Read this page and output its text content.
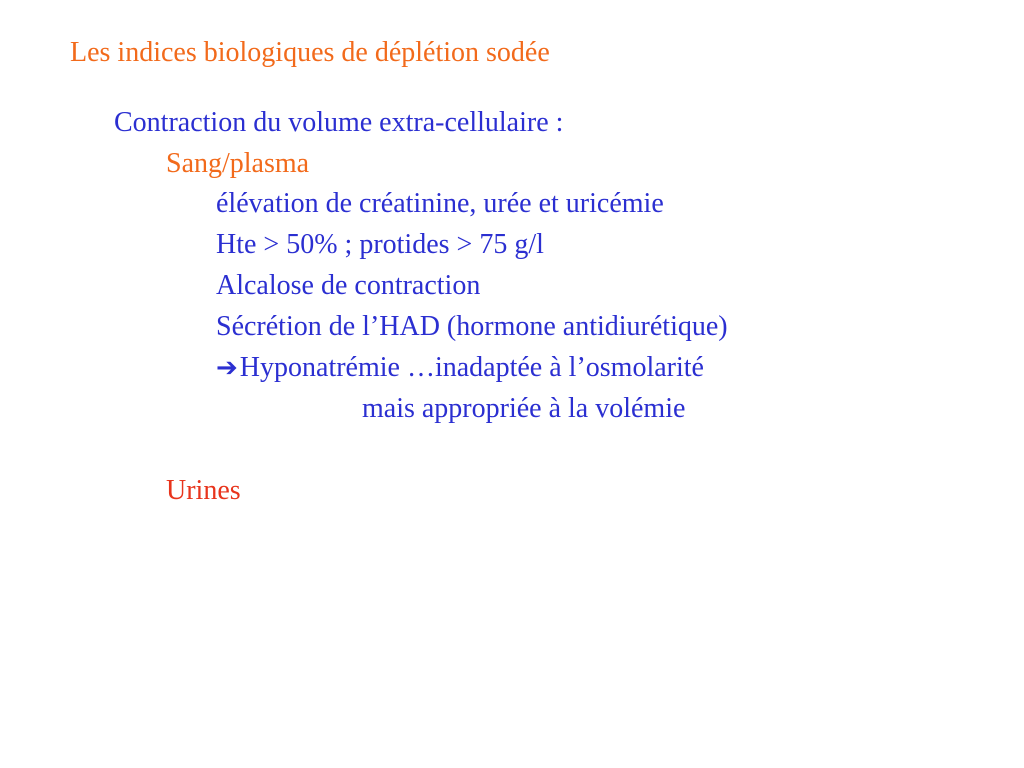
Les indices biologiques de déplétion sodée
Contraction du volume extra-cellulaire :
Sang/plasma
élévation de créatinine, urée et uricémie
Hte > 50% ; protides > 75 g/l
Alcalose de contraction
Sécrétion de l’HAD (hormone antidiurétique)
➔Hyponatrémie …inadaptée à l’osmolarité
mais appropriée à la volémie
Urines
